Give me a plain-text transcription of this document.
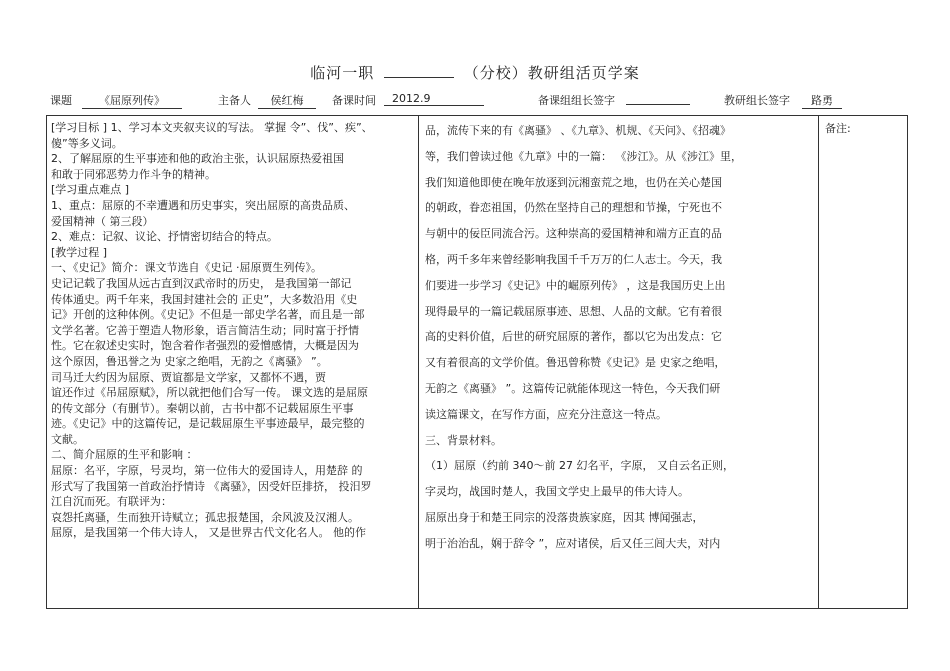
临河一职	（分校）教研组活页学案
课题	《屈原列传》	主备人	侯红梅	备课时间	2012.9	备课组组长签字	教研组长签字	路勇

[学习目标 ] 1、学习本文夹叙夹议的写法。 掌握 令”、伐”、疾”、

傻”等多义词。

2、了解屈原的生平事迹和他的政治主张，认识屈原热爱祖国

和敢于同邪恶势力作斗争的精神。

[学习重点难点 ]

1、重点：屈原的不幸遭遇和历史事实，突出屈原的高贵品质、

爱国精神（ 第三段）

2、难点：记叙、议论、抒情密切结合的特点。

[教学过程 ]

一、《史记》简介：课文节选自《史记 ·屈原贾生列传》。

史记记载了我国从远古直到汉武帝时的历史， 是我国第一部记

传体通史。两千年来，我国封建社会的 正史”，大多数沿用《史

记》开创的这种体例。《史记》不但是一部史学名著，而且是一部

文学名著。它善于塑造人物形象，语言简洁生动；同时富于抒情

性。它在叙述史实时，饱含着作者强烈的爱憎感情，大概是因为

这个原因，鲁迅誉之为 史家之绝唱，无韵之《离骚》 ”。

司马迁大约因为屈原、贾谊都是文学家，又都怀不遇，贾

谊还作过《吊屈原赋》，所以就把他们合写一传。 课文选的是屈原

的传文部分（有删节）。秦朝以前，古书中都不记载屈原生平事

迹。《史记》中的这篇传记，是记载屈原生平事迹最早，最完整的

文献。

二、简介屈原的生平和影响 ：

屈原：名平，字原，号灵均，第一位伟大的爱国诗人，用楚辞 的

形式写了我国第一首政治抒情诗 《离骚》，因受奸臣排挤， 投汨罗

江自沉而死。有联评为：

哀怨托离骚，生而独开诗赋立；孤忠报楚国，余风波及汉湘人。

屈原，是我国第一个伟大诗人， 又是世界古代文化名人。 他的作

品，流传下来的有《离骚》 、《九章》、机规、《天问》、《招魂》

等，我们曾读过他《九章》中的一篇： 《涉江》。从《涉江》里，

我们知道他即使在晚年放逐到沅湘蛮荒之地，也仍在关心楚国

的朝政，眷恋祖国，仍然在坚持自己的理想和节操，宁死也不

与朝中的佞臣同流合污。这种崇高的爱国精神和端方正直的品

格，两千多年来曾经影响我国千千万万的仁人志士。今天，我

们要进一步学习《史记》中的崛原列传》 ，这是我国历史上出

现得最早的一篇记载屈原事迹、思想、人品的文献。它有着很

高的史料价值，后世的研究屈原的著作，都以它为出发点：它

又有着很高的文学价值。鲁迅曾称赞《史记》是 史家之绝唱，

无韵之《离骚》 ”。这篇传记就能体现这一特色，今天我们研

读这篇课文，在写作方面，应充分注意这一特点。

三、背景材料。

（1）屈原（约前 340～前 27 幻名平，字原， 又自云名正则，

字灵均，战国时楚人，我国文学史上最早的伟大诗人。

屈原出身于和楚王同宗的没落贵族家庭，因其 博闻强志，

明于治治乱，娴于辞令 ”，应对诸侯，后又任三闾大夫，对内

备注:
